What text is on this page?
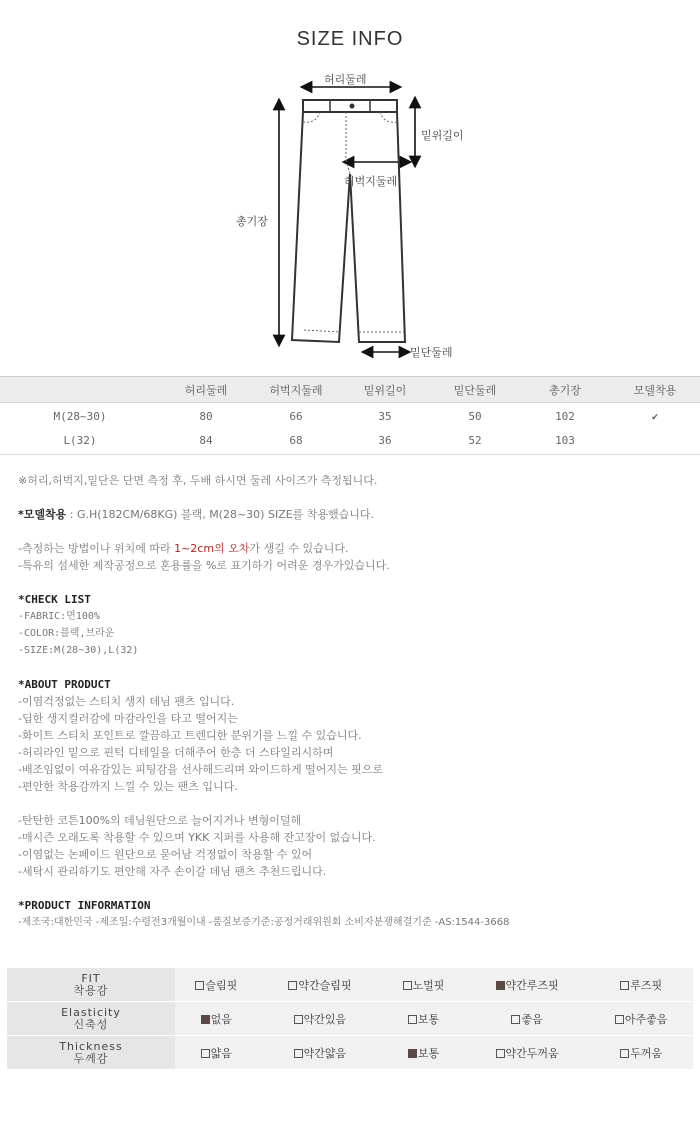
SIZE INFO
허리둘레
밑위길이
허벅지둘레
총기장
밑단둘레
	허리둘레	허벅지둘레	밑위길이	밑단둘레	총기장	모델착용
M(28~30)	80	66	35	50	102	✔
L(32)	84	68	36	52	103	
※허리,허벅지,밑단은 단면 측정 후, 두배 하시면 둘레 사이즈가 측정됩니다.
*모델착용 : G.H(182CM/68KG) 블랙, M(28~30) SIZE를 착용했습니다.
-측정하는 방법이나 위치에 따라 1~2cm의 오차가 생길 수 있습니다.
-특유의 섬세한 제작공정으로 혼용률을 %로 표기하기 어려운 경우가있습니다.
*CHECK LIST
-FABRIC:면100%
-COLOR:블랙,브라운
-SIZE:M(28~30),L(32)
*ABOUT PRODUCT
-이염걱정없는 스티치 생지 데님 팬츠 입니다.
-딥한 생지컬러감에 마감라인을 타고 떨어지는
-화이트 스티치 포인트로 깔끔하고 트렌디한 분위기를 느낄 수 있습니다.
-허리라인 밑으로 핀턱 디테일을 더해주어 한층 더 스타일리시하며
-배조임없이 여유감있는 피팅감을 선사해드리며 와이드하게 떨어지는 핏으로
-편안한 착용감까지 느낄 수 있는 팬츠 입니다.
-탄탄한 코튼100%의 데님원단으로 늘어지거나 변형이덜해
-매시즌 오래도록 착용할 수 있으며 YKK 지퍼를 사용해 잔고장이 없습니다.
-이염없는 논페이드 원단으로 묻어남 걱정없이 착용할 수 있어
-세탁시 관리하기도 편안해 자주 손이갈 데님 팬츠 추천드립니다.
*PRODUCT INFORMATION
-제조국:대한민국 -제조일:수령전3개월이내 -품질보증기준:공정거래위원회 소비자분쟁해결기준 -AS:1544-3668
FIT
착용감	슬림핏	약간슬림핏	노멀핏	약간루즈핏	루즈핏

Elasticity
신축성	없음	약간있음	보통	좋음	아주좋음

Thickness
두께감	얇음	약간얇음	보통	약간두꺼움	두꺼움
